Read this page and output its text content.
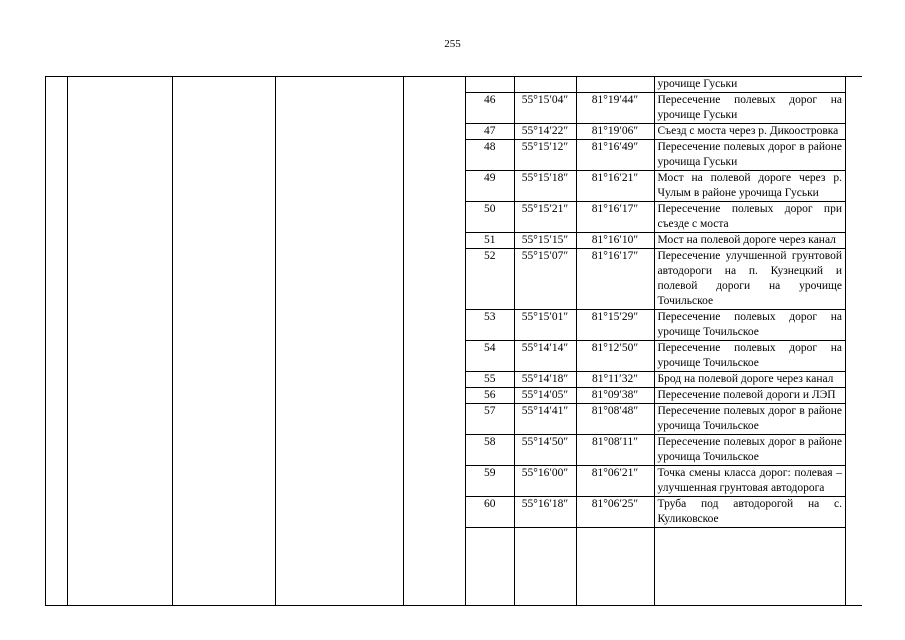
255

			урочище Гуськи
46	55°15′04″	81°19′44″	Пересечение полевых дорог на урочище Гуськи
47	55°14′22″	81°19′06″	Съезд с моста через р. Дикоостровка
48	55°15′12″	81°16′49″	Пересечение полевых дорог в районе урочища Гуськи
49	55°15′18″	81°16′21″	Мост на полевой дороге через р. Чулым в районе урочища Гуськи
50	55°15′21″	81°16′17″	Пересечение полевых дорог при съезде с моста
51	55°15′15″	81°16′10″	Мост на полевой дороге через канал
52	55°15′07″	81°16′17″	Пересечение улучшенной грунтовой автодороги на п. Кузнецкий и полевой дороги на урочище Точильское
53	55°15′01″	81°15′29″	Пересечение полевых дорог на урочище Точильское
54	55°14′14″	81°12′50″	Пересечение полевых дорог на урочище Точильское
55	55°14′18″	81°11′32″	Брод на полевой дороге через канал
56	55°14′05″	81°09′38″	Пересечение полевой дороги и ЛЭП
57	55°14′41″	81°08′48″	Пересечение полевых дорог в районе урочища Точильское
58	55°14′50″	81°08′11″	Пересечение полевых дорог в районе урочища Точильское
59	55°16′00″	81°06′21″	Точка смены класса дорог: полевая – улучшенная грунтовая автодорога
60	55°16′18″	81°06′25″	Труба под автодорогой на с. Куликовское
